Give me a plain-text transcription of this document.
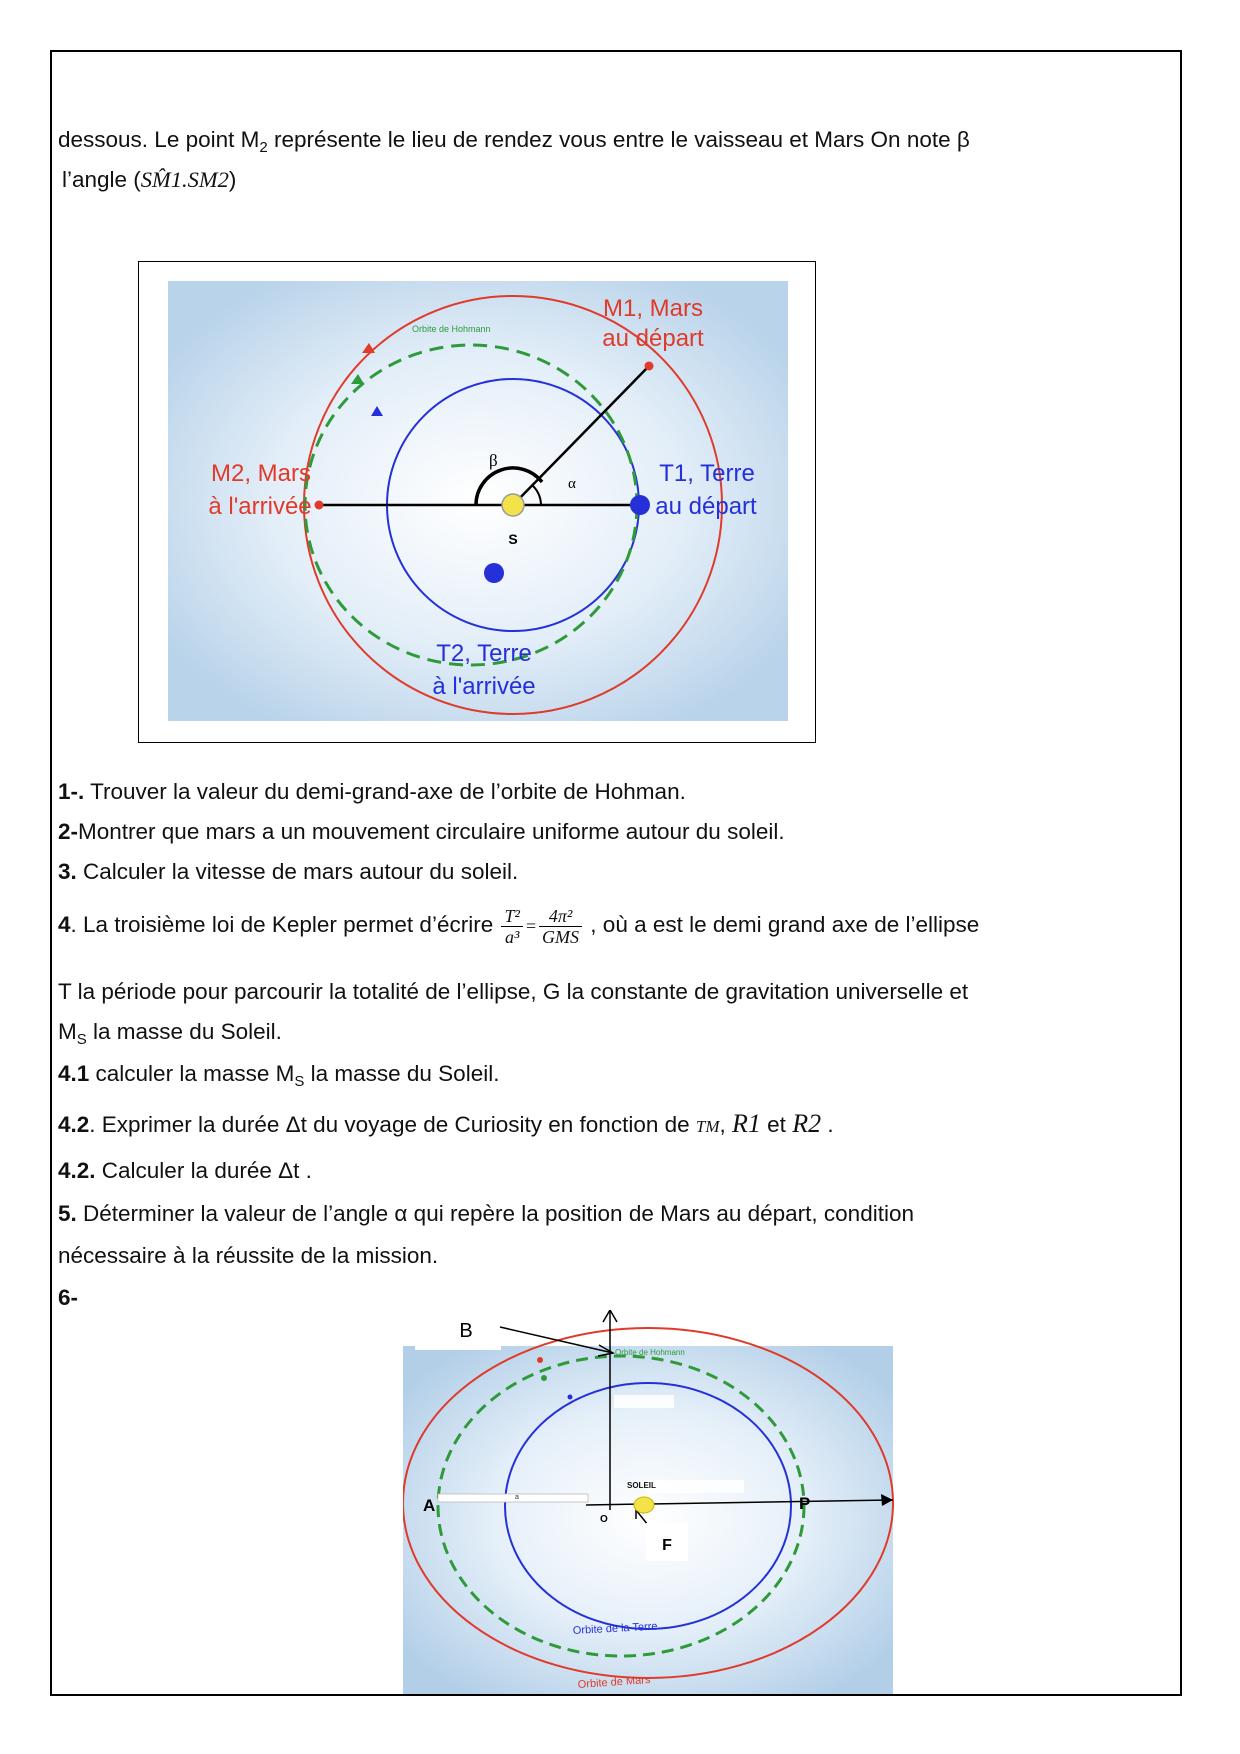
dessous. Le point $M_2$ représente le lieu de rendez vous entre le vaisseau et Mars On note β
l’angle (SM̂1.SM2)
Orbite de Hohmann
M1, Mars
au départ
M2, Mars
à l'arrivée
T1, Terre
au départ
T2, Terre
à l'arrivée
S
β
α
1-. Trouver la valeur du demi-grand-axe de l’orbite de Hohman.
2-Montrer que mars a un mouvement circulaire uniforme autour du soleil.
3. Calculer la vitesse de mars autour du soleil.
4. La troisième loi de Kepler permet d’écrire $\frac{\text{T²}}{\text{a³}} = \frac{\text{4π²}}{\text{GMS}}$ , où a est le demi grand axe de l’ellipse
T la période pour parcourir la totalité de l’ellipse, G la constante de gravitation universelle et
$M_S$ la masse du Soleil.
4.1 calculer la masse $M_S$ la masse du Soleil.
4.2. Exprimer la durée Δt du voyage de Curiosity en fonction de TM, R1 et R2 .
4.2. Calculer la durée Δt .
5. Déterminer la valeur de l’angle α qui repère la position de Mars au départ, condition
nécessaire à la réussite de la mission.
6-
B
A	P
O
F
a
SOLEIL
Orbite de Hohmann
Orbite de la Terre
Orbite de Mars
